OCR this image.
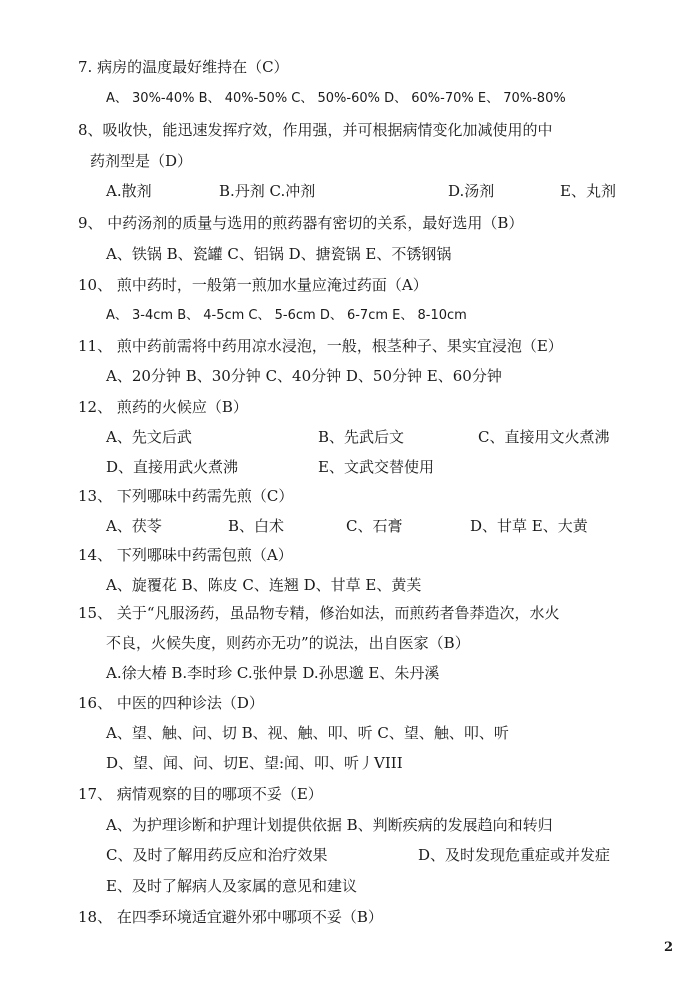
7. 病房的温度最好维持在（C）
A、 30%-40% B、 40%-50% C、 50%-60% D、 60%-70% E、 70%-80%
8、吸收快，能迅速发挥疗效，作用强，并可根据病情变化加减使用的中
药剂型是（D）
A.散剂	B.丹剂 C.冲剂	D.汤剂	E、丸剂
9、 中药汤剂的质量与选用的煎药器有密切的关系，最好选用（B）
A、铁锅 B、瓷罐 C、铝锅 D、搪瓷锅 E、不锈钢锅
10、 煎中药时，一般第一煎加水量应淹过药面（A）
A、 3-4cm B、 4-5cm C、 5-6cm D、 6-7cm E、 8-10cm
11、 煎中药前需将中药用凉水浸泡，一般，根茎种子、果实宜浸泡（E）
A、20分钟 B、30分钟 C、40分钟 D、50分钟 E、60分钟
12、 煎药的火候应（B）
A、先文后武	B、先武后文	C、直接用文火煮沸
D、直接用武火煮沸	E、文武交替使用
13、 下列哪味中药需先煎（C）
A、茯苓	B、白术	C、石膏	D、甘草 E、大黄
14、 下列哪味中药需包煎（A）
A、旋覆花 B、陈皮 C、连翘 D、甘草 E、黄芙
15、 关于“凡服汤药，虽品物专精，修治如法，而煎药者鲁莽造次，水火
不良，火候失度，则药亦无功”的说法，出自医家（B）
A.徐大椿 B.李时珍 C.张仲景 D.孙思邈 E、朱丹溪
16、 中医的四种诊法（D）
A、望、触、问、切 B、视、触、叩、听 C、望、触、叩、听
D、望、闻、问、切E、望:闻、叩、听丿VIII
17、 病情观察的目的哪项不妥（E）
A、为护理诊断和护理计划提供依据 B、判断疾病的发展趋向和转归
C、及时了解用药反应和治疗效果	D、及时发现危重症或并发症
E、及时了解病人及家属的意见和建议
18、 在四季环境适宜避外邪中哪项不妥（B）
2
